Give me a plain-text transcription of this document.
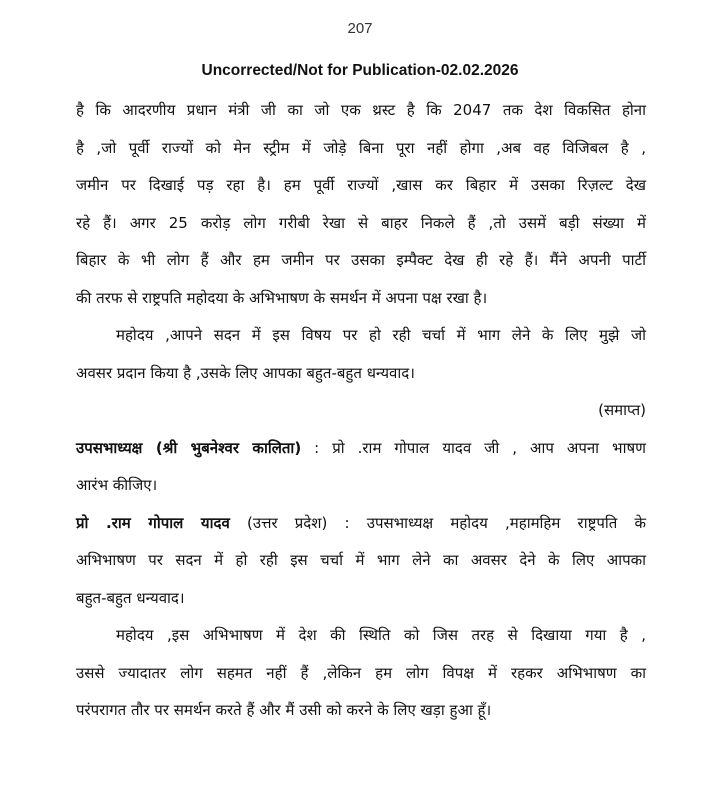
207
Uncorrected/Not for Publication-02.02.2026
है कि आदरणीय प्रधान मंत्री जी का जो एक थ्रस्ट है कि 2047 तक देश विकसित होना
है ,जो पूर्वी राज्यों को मेन स्ट्रीम में जोड़े बिना पूरा नहीं होगा ,अब वह विजिबल है ,
जमीन पर दिखाई पड़ रहा है। हम पूर्वी राज्यों ,खास कर बिहार में उसका रिज़ल्ट देख
रहे हैं। अगर 25 करोड़ लोग गरीबी रेखा से बाहर निकले हैं ,तो उसमें बड़ी संख्या में
बिहार के भी लोग हैं और हम जमीन पर उसका इम्पैक्ट देख ही रहे हैं। मैंने अपनी पार्टी
की तरफ से राष्ट्रपति महोदया के अभिभाषण के समर्थन में अपना पक्ष रखा है।
महोदय ,आपने सदन में इस विषय पर हो रही चर्चा में भाग लेने के लिए मुझे जो
अवसर प्रदान किया है ,उसके लिए आपका बहुत-बहुत धन्यवाद।
(समाप्त)
उपसभाध्यक्ष (श्री भुबनेश्वर कालिता) : प्रो .राम गोपाल यादव जी , आप अपना भाषण
आरंभ कीजिए।
प्रो .राम गोपाल यादव (उत्तर प्रदेश) : उपसभाध्यक्ष महोदय ,महामहिम राष्ट्रपति के
अभिभाषण पर सदन में हो रही इस चर्चा में भाग लेने का अवसर देने के लिए आपका
बहुत-बहुत धन्यवाद।
महोदय ,इस अभिभाषण में देश की स्थिति को जिस तरह से दिखाया गया है ,
उससे ज्यादातर लोग सहमत नहीं हैं ,लेकिन हम लोग विपक्ष में रहकर अभिभाषण का
परंपरागत तौर पर समर्थन करते हैं और मैं उसी को करने के लिए खड़ा हुआ हूँ।
